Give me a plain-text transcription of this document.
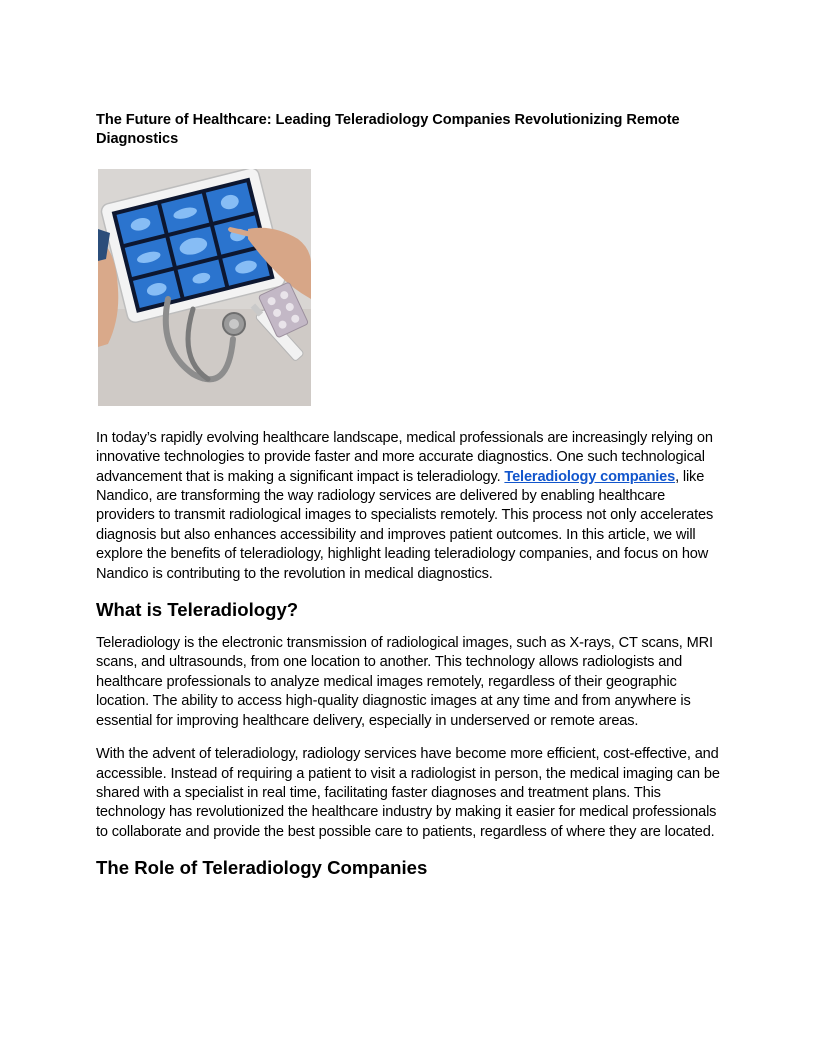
The Future of Healthcare: Leading Teleradiology Companies Revolutionizing Remote Diagnostics
In today’s rapidly evolving healthcare landscape, medical professionals are increasingly relying on innovative technologies to provide faster and more accurate diagnostics. One such technological advancement that is making a significant impact is teleradiology. Teleradiology companies, like Nandico, are transforming the way radiology services are delivered by enabling healthcare providers to transmit radiological images to specialists remotely. This process not only accelerates diagnosis but also enhances accessibility and improves patient outcomes. In this article, we will explore the benefits of teleradiology, highlight leading teleradiology companies, and focus on how Nandico is contributing to the revolution in medical diagnostics.
What is Teleradiology?
Teleradiology is the electronic transmission of radiological images, such as X-rays, CT scans, MRI scans, and ultrasounds, from one location to another. This technology allows radiologists and healthcare professionals to analyze medical images remotely, regardless of their geographic location. The ability to access high-quality diagnostic images at any time and from anywhere is essential for improving healthcare delivery, especially in underserved or remote areas.
With the advent of teleradiology, radiology services have become more efficient, cost-effective, and accessible. Instead of requiring a patient to visit a radiologist in person, the medical imaging can be shared with a specialist in real time, facilitating faster diagnoses and treatment plans. This technology has revolutionized the healthcare industry by making it easier for medical professionals to collaborate and provide the best possible care to patients, regardless of where they are located.
The Role of Teleradiology Companies
